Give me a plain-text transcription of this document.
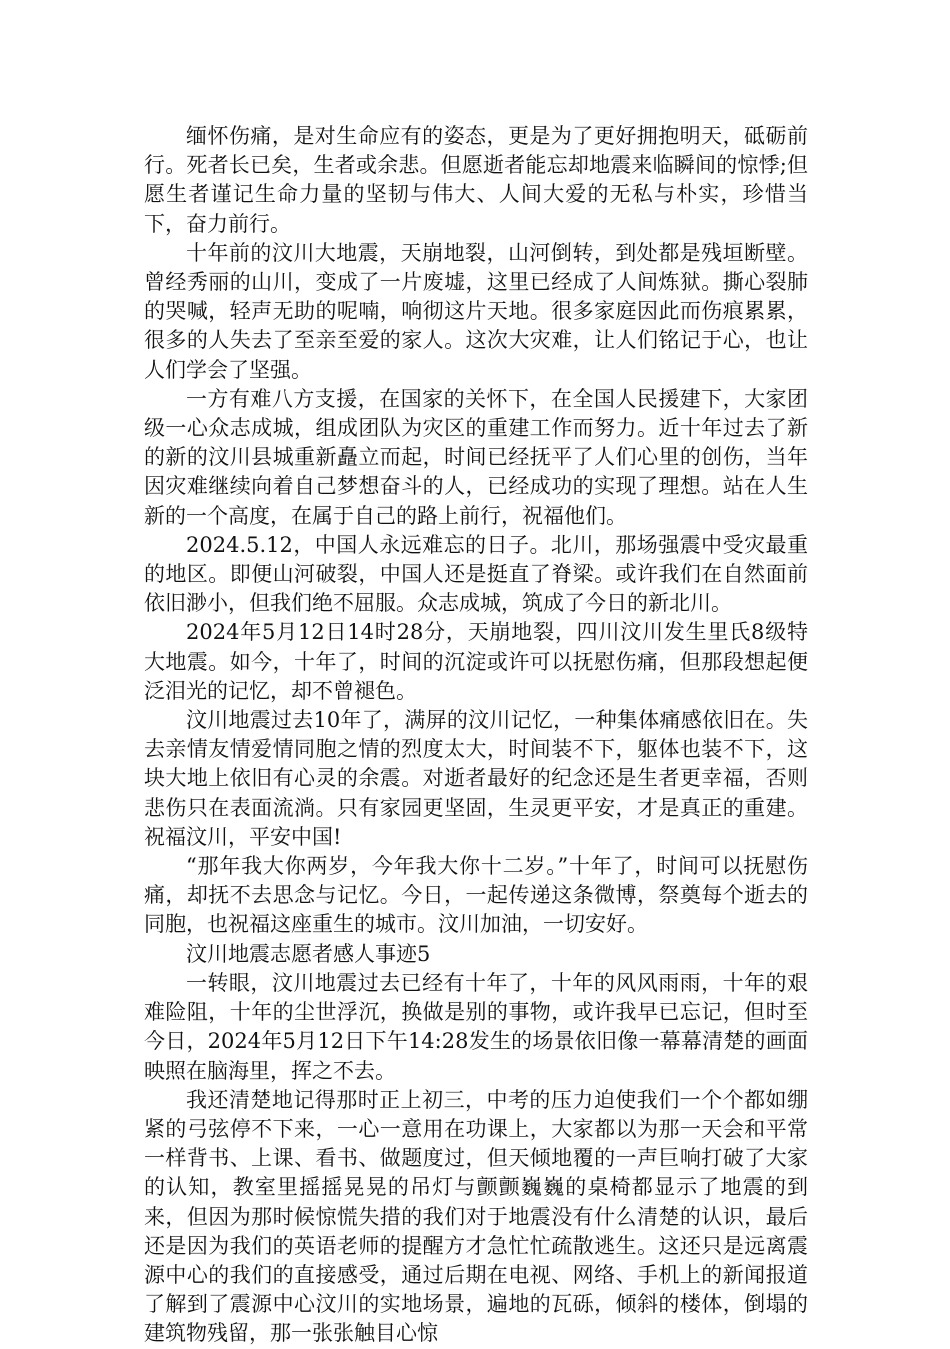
缅怀伤痛，是对生命应有的姿态，更是为了更好拥抱明天，砥砺前行。死者长已矣，生者或余悲。但愿逝者能忘却地震来临瞬间的惊悸;但愿生者谨记生命力量的坚韧与伟大、人间大爱的无私与朴实，珍惜当下，奋力前行。

十年前的汶川大地震，天崩地裂，山河倒转，到处都是残垣断壁。曾经秀丽的山川，变成了一片废墟，这里已经成了人间炼狱。撕心裂肺的哭喊，轻声无助的呢喃，响彻这片天地。很多家庭因此而伤痕累累，很多的人失去了至亲至爱的家人。这次大灾难，让人们铭记于心，也让人们学会了坚强。

一方有难八方支援，在国家的关怀下，在全国人民援建下，大家团级一心众志成城，组成团队为灾区的重建工作而努力。近十年过去了新的新的汶川县城重新矗立而起，时间已经抚平了人们心里的创伤，当年因灾难继续向着自己梦想奋斗的人，已经成功的实现了理想。站在人生新的一个高度，在属于自己的路上前行，祝福他们。

2024.5.12，中国人永远难忘的日子。北川，那场强震中受灾最重的地区。即便山河破裂，中国人还是挺直了脊梁。或许我们在自然面前依旧渺小，但我们绝不屈服。众志成城，筑成了今日的新北川。

2024年5月12日14时28分，天崩地裂，四川汶川发生里氏8级特大地震。如今，十年了，时间的沉淀或许可以抚慰伤痛，但那段想起便泛泪光的记忆，却不曾褪色。

汶川地震过去10年了，满屏的汶川记忆，一种集体痛感依旧在。失去亲情友情爱情同胞之情的烈度太大，时间装不下，躯体也装不下，这块大地上依旧有心灵的余震。对逝者最好的纪念还是生者更幸福，否则悲伤只在表面流淌。只有家园更坚固，生灵更平安，才是真正的重建。祝福汶川，平安中国!

“那年我大你两岁，今年我大你十二岁。”十年了，时间可以抚慰伤痛，却抚不去思念与记忆。今日，一起传递这条微博，祭奠每个逝去的同胞，也祝福这座重生的城市。汶川加油，一切安好。

汶川地震志愿者感人事迹5

一转眼，汶川地震过去已经有十年了，十年的风风雨雨，十年的艰难险阻，十年的尘世浮沉，换做是别的事物，或许我早已忘记，但时至今日，2024年5月12日下午14:28发生的场景依旧像一幕幕清楚的画面映照在脑海里，挥之不去。

我还清楚地记得那时正上初三，中考的压力迫使我们一个个都如绷紧的弓弦停不下来，一心一意用在功课上，大家都以为那一天会和平常一样背书、上课、看书、做题度过，但天倾地覆的一声巨响打破了大家的认知，教室里摇摇晃晃的吊灯与颤颤巍巍的桌椅都显示了地震的到来，但因为那时候惊慌失措的我们对于地震没有什么清楚的认识，最后还是因为我们的英语老师的提醒方才急忙忙疏散逃生。这还只是远离震源中心的我们的直接感受，通过后期在电视、网络、手机上的新闻报道了解到了震源中心汶川的实地场景，遍地的瓦砾，倾斜的楼体，倒塌的建筑物残留，那一张张触目心惊
